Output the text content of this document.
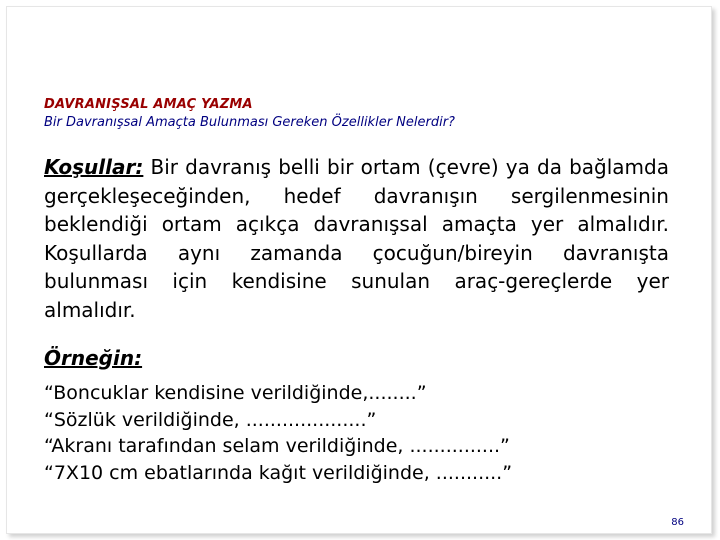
DAVRANIŞSAL AMAÇ YAZMA
Bir Davranışsal Amaçta Bulunması Gereken Özellikler Nelerdir?
Koşullar: Bir davranış belli bir ortam (çevre) ya da bağlamda gerçekleşeceğinden, hedef davranışın sergilenmesinin beklendiği ortam açıkça davranışsal amaçta yer almalıdır. Koşullarda aynı zamanda çocuğun/bireyin davranışta bulunması için kendisine sunulan araç-gereçlerde yer almalıdır.
Örneğin:
“Boncuklar kendisine verildiğinde,........”
“Sözlük verildiğinde, ....................”
“Akranı tarafından selam verildiğinde, ...............”
“7X10 cm ebatlarında kağıt verildiğinde, ...........”
86
